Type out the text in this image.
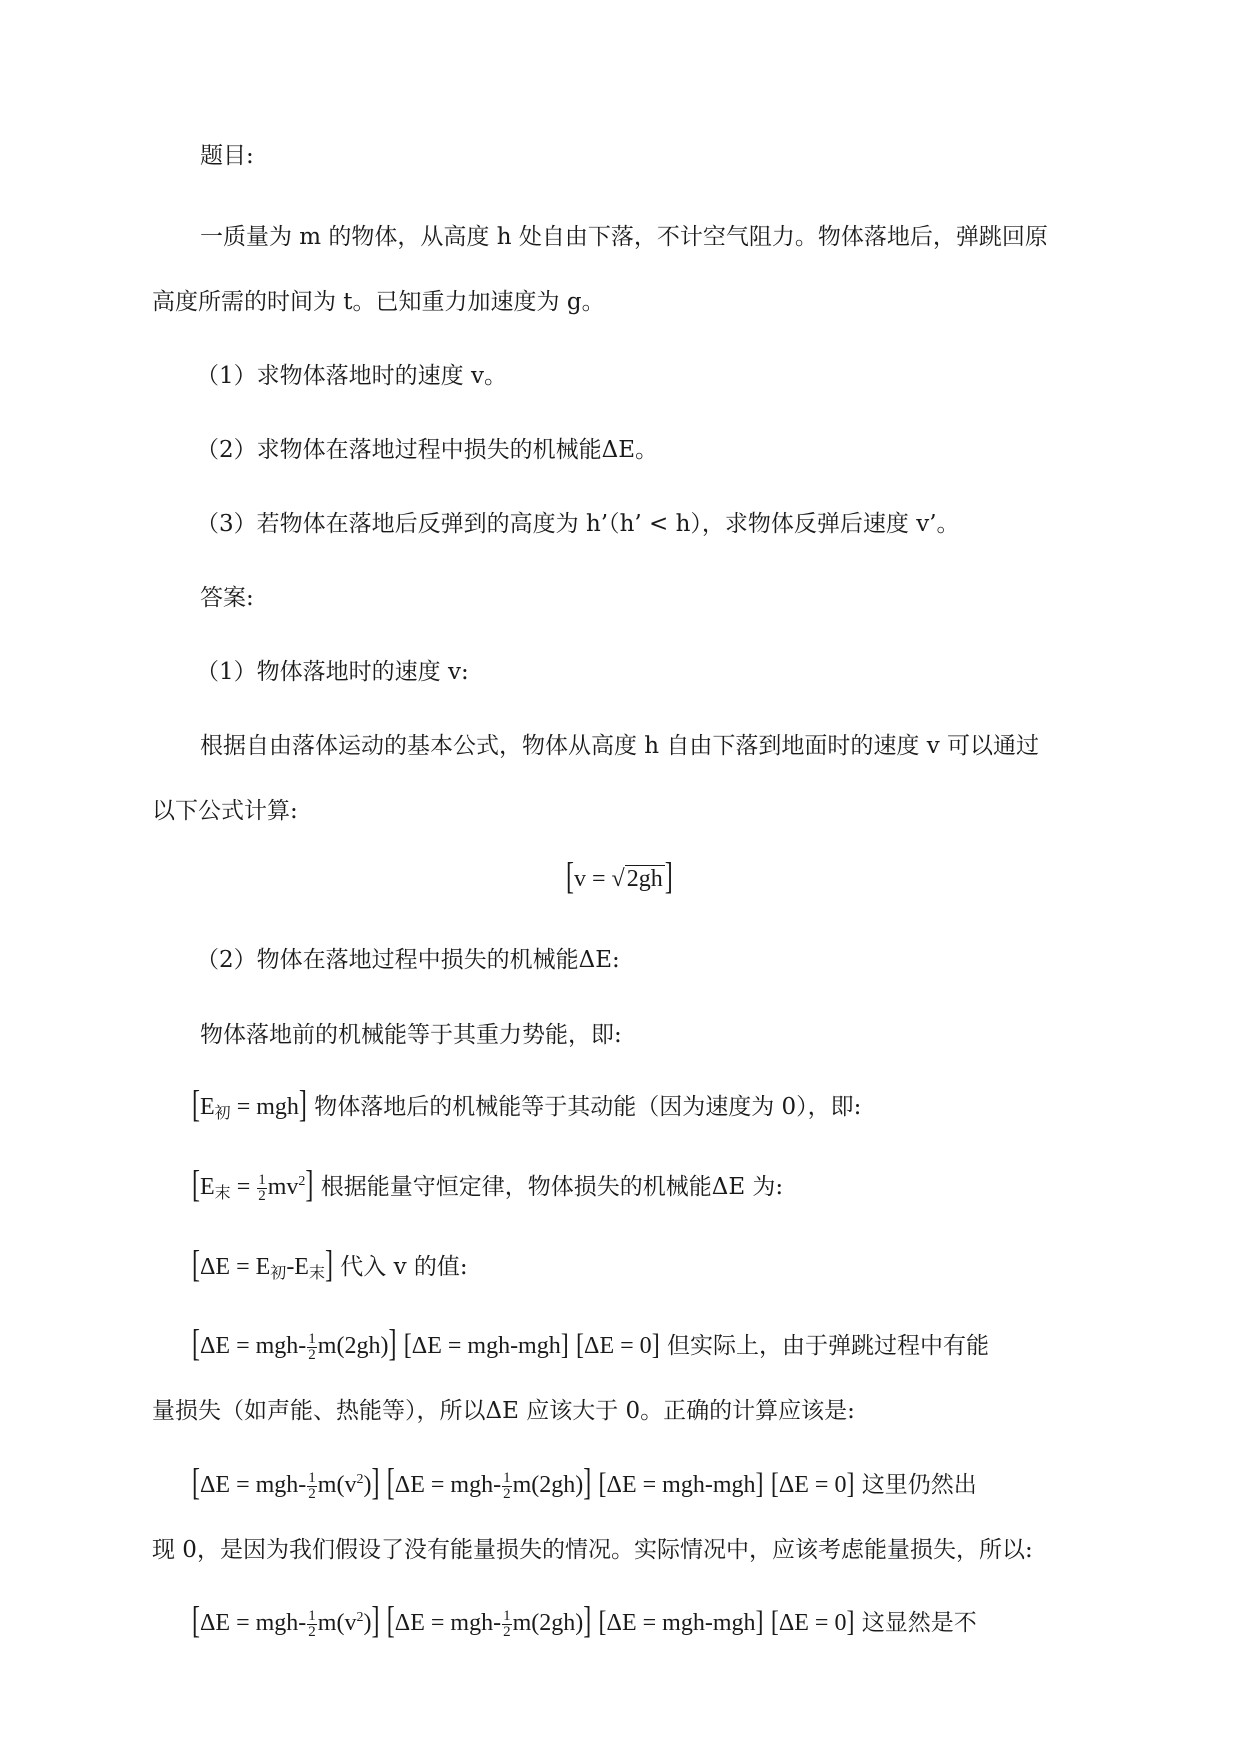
题目:
一质量为 m 的物体，从高度 h 处自由下落，不计空气阻力。物体落地后，弹跳回原
高度所需的时间为 t。已知重力加速度为 g。
（1）求物体落地时的速度 v。
（2）求物体在落地过程中损失的机械能ΔE。
（3）若物体在落地后反弹到的高度为 h’（h’ < h），求物体反弹后速度 v’。
答案:
（1）物体落地时的速度 v:
根据自由落体运动的基本公式，物体从高度 h 自由下落到地面时的速度 v 可以通过
以下公式计算:
[v = √2gh]
（2）物体在落地过程中损失的机械能ΔE:
物体落地前的机械能等于其重力势能，即:
$[E_初 = mgh]$ 物体落地后的机械能等于其动能（因为速度为 0），即:
$[E_末 = \frac{1}{2} mv^2]$ 根据能量守恒定律，物体损失的机械能ΔE 为:
$[\Delta E = E_初-E_末]$ 代入 v 的值:
$[\Delta E = mgh- \frac{1}{2} m(2gh)]$ [ΔE = mgh-mgh] [ΔE = 0] 但实际上，由于弹跳过程中有能
量损失（如声能、热能等），所以ΔE 应该大于 0。正确的计算应该是:
$[\Delta E = mgh- \frac{1}{2} m(v^2)]$ $[\Delta E = mgh- \frac{1}{2} m(2gh)]$ [ΔE = mgh-mgh] [ΔE = 0] 这里仍然出
现 0，是因为我们假设了没有能量损失的情况。实际情况中，应该考虑能量损失，所以:
$[\Delta E = mgh- \frac{1}{2} m(v^2)]$ $[\Delta E = mgh- \frac{1}{2} m(2gh)]$ [ΔE = mgh-mgh] [ΔE = 0] 这显然是不
